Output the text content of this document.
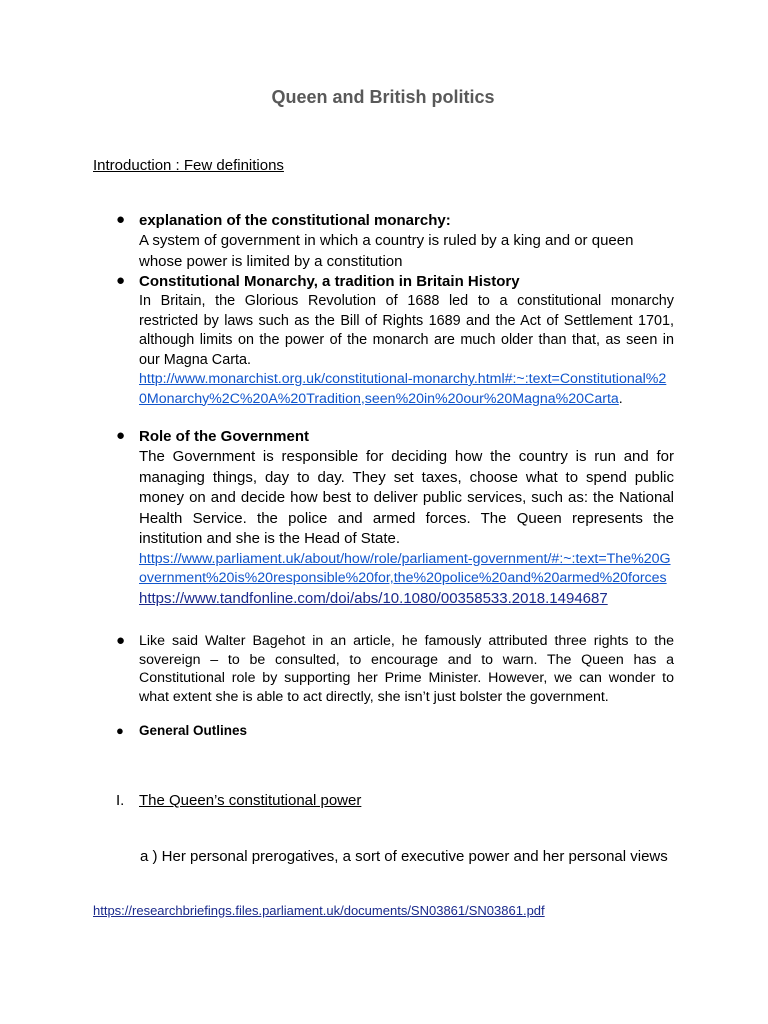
Queen and British politics
Introduction : Few definitions
● explanation of the constitutional monarchy:
A system of government in which a country is ruled by a king and or queen whose power is limited by a constitution
● Constitutional Monarchy, a tradition in Britain History
In Britain, the Glorious Revolution of 1688 led to a constitutional monarchy restricted by laws such as the Bill of Rights 1689 and the Act of Settlement 1701, although limits on the power of the monarch are much older than that, as seen in our Magna Carta.
http://www.monarchist.org.uk/constitutional-monarchy.html#:~:text=Constitutional%20Monarchy%2C%20A%20Tradition,seen%20in%20our%20Magna%20Carta.
● Role of the Government
The Government is responsible for deciding how the country is run and for managing things, day to day. They set taxes, choose what to spend public money on and decide how best to deliver public services, such as: the National Health Service. the police and armed forces. The Queen represents the institution and she is the Head of State.
https://www.parliament.uk/about/how/role/parliament-government/#:~:text=The%20Government%20is%20responsible%20for,the%20police%20and%20armed%20forces
https://www.tandfonline.com/doi/abs/10.1080/00358533.2018.1494687
● Like said Walter Bagehot in an article, he famously attributed three rights to the sovereign – to be consulted, to encourage and to warn. The Queen has a Constitutional role by supporting her Prime Minister. However, we can wonder to what extent she is able to act directly, she isn’t just bolster the government.
● General Outlines
I. The Queen’s constitutional power
a ) Her personal prerogatives, a sort of executive power and her personal views
https://researchbriefings.files.parliament.uk/documents/SN03861/SN03861.pdf
